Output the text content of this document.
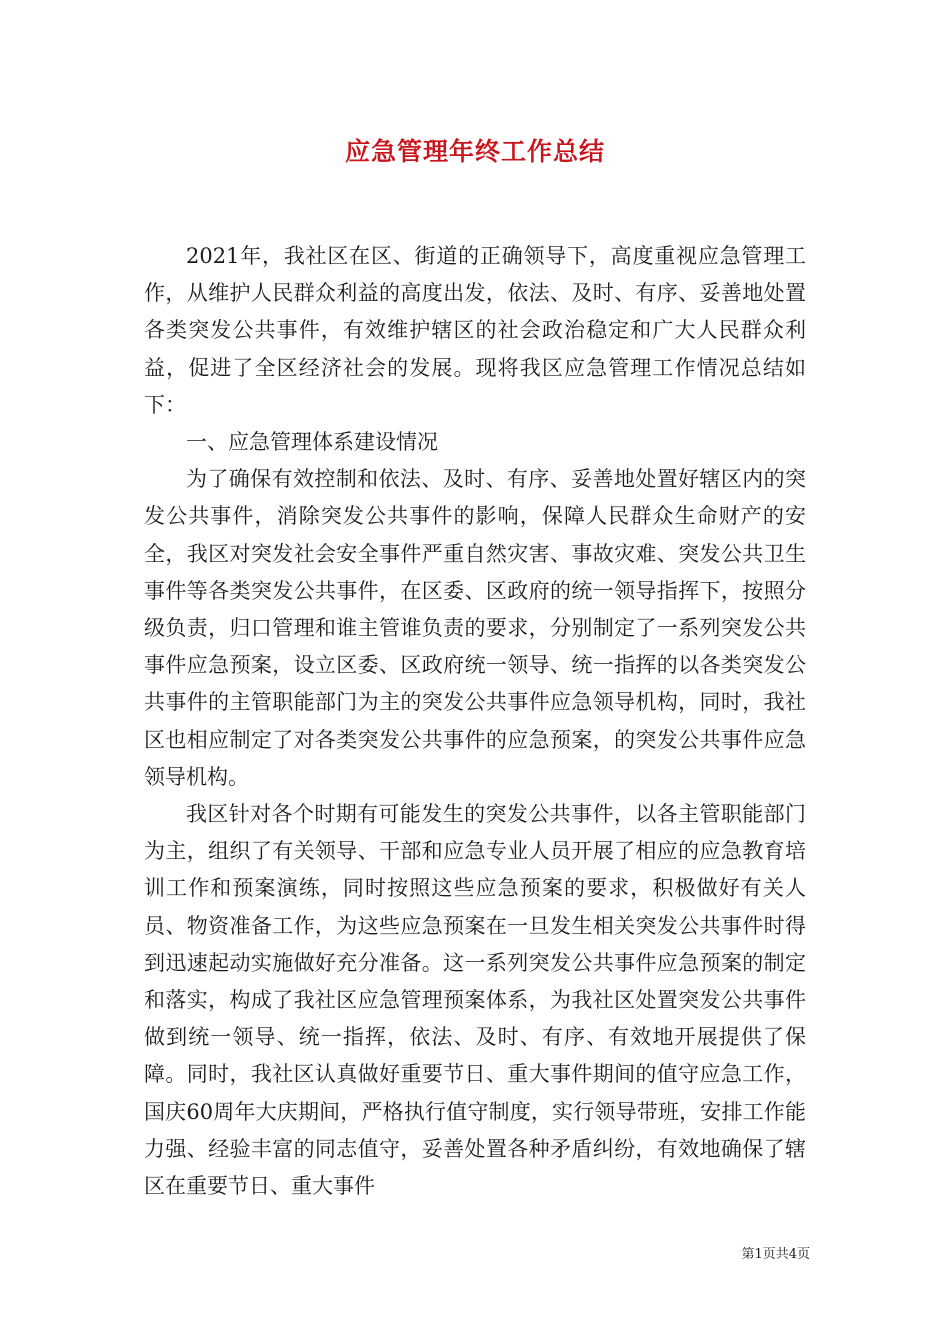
应急管理年终工作总结

2021年，我社区在区、街道的正确领导下，高度重视应急管理工作，从维护人民群众利益的高度出发，依法、及时、有序、妥善地处置各类突发公共事件，有效维护辖区的社会政治稳定和广大人民群众利益，促进了全区经济社会的发展。现将我区应急管理工作情况总结如下：

一、应急管理体系建设情况

为了确保有效控制和依法、及时、有序、妥善地处置好辖区内的突发公共事件，消除突发公共事件的影响，保障人民群众生命财产的安全，我区对突发社会安全事件严重自然灾害、事故灾难、突发公共卫生事件等各类突发公共事件，在区委、区政府的统一领导指挥下，按照分级负责，归口管理和谁主管谁负责的要求，分别制定了一系列突发公共事件应急预案，设立区委、区政府统一领导、统一指挥的以各类突发公共事件的主管职能部门为主的突发公共事件应急领导机构，同时，我社区也相应制定了对各类突发公共事件的应急预案，的突发公共事件应急领导机构。

我区针对各个时期有可能发生的突发公共事件，以各主管职能部门为主，组织了有关领导、干部和应急专业人员开展了相应的应急教育培训工作和预案演练，同时按照这些应急预案的要求，积极做好有关人员、物资准备工作，为这些应急预案在一旦发生相关突发公共事件时得到迅速起动实施做好充分准备。这一系列突发公共事件应急预案的制定和落实，构成了我社区应急管理预案体系，为我社区处置突发公共事件做到统一领导、统一指挥，依法、及时、有序、有效地开展提供了保障。同时，我社区认真做好重要节日、重大事件期间的值守应急工作，国庆60周年大庆期间，严格执行值守制度，实行领导带班，安排工作能力强、经验丰富的同志值守，妥善处置各种矛盾纠纷，有效地确保了辖区在重要节日、重大事件

第1页共4页
